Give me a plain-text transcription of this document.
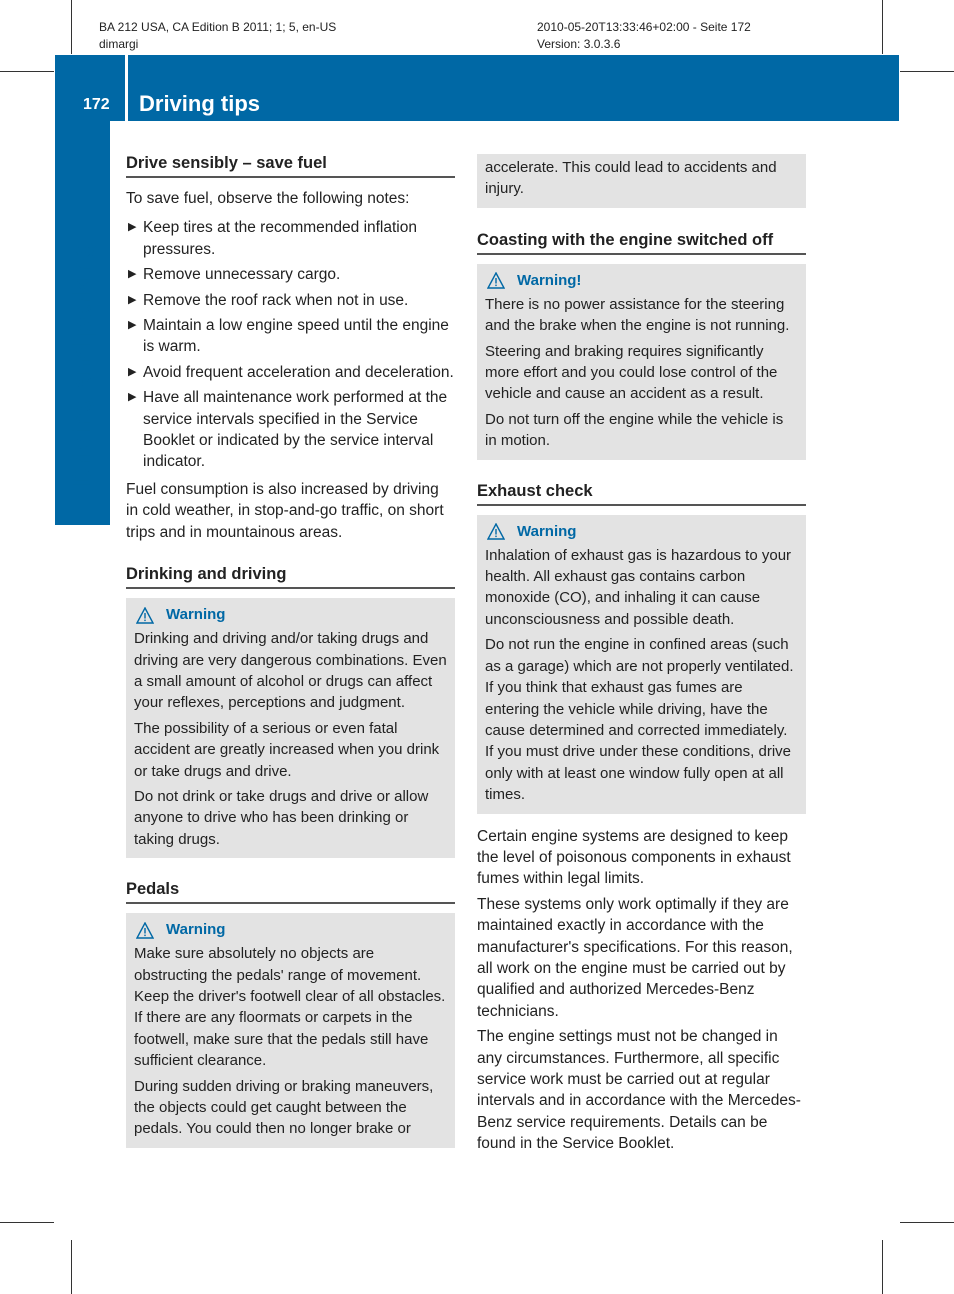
BA 212 USA, CA Edition B 2011; 1; 5, en-US
dimargi
2010-05-20T13:33:46+02:00 - Seite 172
Version: 3.0.3.6
172 Driving tips
Driving and parking
Drive sensibly – save fuel

To save fuel, observe the following notes:

▶ Keep tires at the recommended inflation pressures.
▶ Remove unnecessary cargo.
▶ Remove the roof rack when not in use.
▶ Maintain a low engine speed until the engine is warm.
▶ Avoid frequent acceleration and deceleration.
▶ Have all maintenance work performed at the service intervals specified in the Service Booklet or indicated by the service interval indicator.

Fuel consumption is also increased by driving in cold weather, in stop-and-go traffic, on short trips and in mountainous areas.

Drinking and driving
Warning

Drinking and driving and/or taking drugs and driving are very dangerous combinations. Even a small amount of alcohol or drugs can affect your reflexes, perceptions and judgment.

The possibility of a serious or even fatal accident are greatly increased when you drink or take drugs and drive.

Do not drink or take drugs and drive or allow anyone to drive who has been drinking or taking drugs.

Pedals
Warning

Make sure absolutely no objects are obstructing the pedals' range of movement. Keep the driver's footwell clear of all obstacles. If there are any floormats or carpets in the footwell, make sure that the pedals still have sufficient clearance.

During sudden driving or braking maneuvers, the objects could get caught between the pedals. You could then no longer brake or

accelerate. This could lead to accidents and injury.

Coasting with the engine switched off
Warning!

There is no power assistance for the steering and the brake when the engine is not running.

Steering and braking requires significantly more effort and you could lose control of the vehicle and cause an accident as a result.

Do not turn off the engine while the vehicle is in motion.

Exhaust check
Warning

Inhalation of exhaust gas is hazardous to your health. All exhaust gas contains carbon monoxide (CO), and inhaling it can cause unconsciousness and possible death.

Do not run the engine in confined areas (such as a garage) which are not properly ventilated. If you think that exhaust gas fumes are entering the vehicle while driving, have the cause determined and corrected immediately. If you must drive under these conditions, drive only with at least one window fully open at all times.

Certain engine systems are designed to keep the level of poisonous components in exhaust fumes within legal limits.

These systems only work optimally if they are maintained exactly in accordance with the manufacturer's specifications. For this reason, all work on the engine must be carried out by qualified and authorized Mercedes-Benz technicians.

The engine settings must not be changed in any circumstances. Furthermore, all specific service work must be carried out at regular intervals and in accordance with the Mercedes-Benz service requirements. Details can be found in the Service Booklet.
